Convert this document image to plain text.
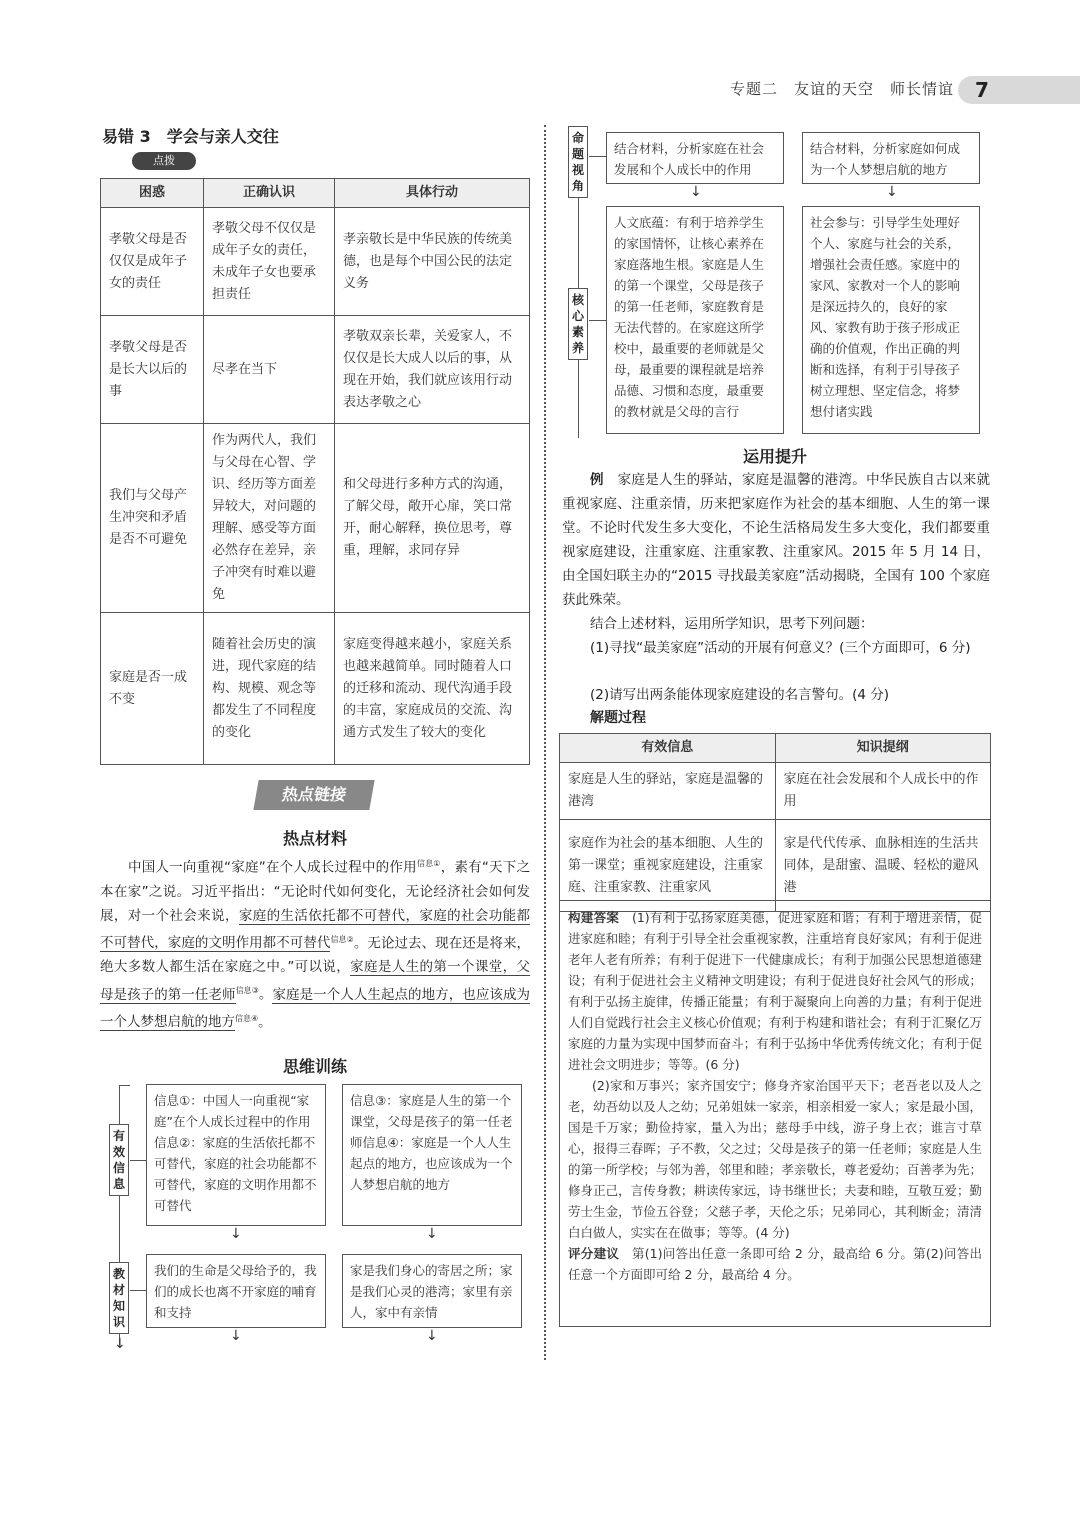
专题二　友谊的天空　师长情谊 7
易错 3　学会与亲人交往
点拨
困惑	正确认识	具体行动
孝敬父母是否仅仅是成年子女的责任	孝敬父母不仅仅是成年子女的责任，未成年子女也要承担责任	孝亲敬长是中华民族的传统美德，也是每个中国公民的法定义务
孝敬父母是否是长大以后的事	尽孝在当下	孝敬双亲长辈，关爱家人，不仅仅是长大成人以后的事，从现在开始，我们就应该用行动表达孝敬之心
我们与父母产生冲突和矛盾是否不可避免	作为两代人，我们与父母在心智、学识、经历等方面差异较大，对问题的理解、感受等方面必然存在差异，亲子冲突有时难以避免	和父母进行多种方式的沟通，了解父母，敞开心扉，笑口常开，耐心解释，换位思考，尊重，理解，求同存异
家庭是否一成不变	随着社会历史的演进，现代家庭的结构、规模、观念等都发生了不同程度的变化	家庭变得越来越小，家庭关系也越来越简单。同时随着人口的迁移和流动、现代沟通手段的丰富，家庭成员的交流、沟通方式发生了较大的变化
热点链接
热点材料
中国人一向重视“家庭”在个人成长过程中的作用$^{信息①}$，素有“天下之本在家”之说。习近平指出：“无论时代如何变化，无论经济社会如何发展，对一个社会来说，家庭的生活依托都不可替代，家庭的社会功能都不可替代，家庭的文明作用都不可替代$^{信息②}$。无论过去、现在还是将来，绝大多数人都生活在家庭之中。”可以说，家庭是人生的第一个课堂，父母是孩子的第一任老师$^{信息③}$。家庭是一个人人生起点的地方，也应该成为一个人梦想启航的地方$^{信息④}$。
思维训练
有效信息
教材知识
↓
信息①：中国人一向重视“家庭”在个人成长过程中的作用信息②：家庭的生活依托都不可替代，家庭的社会功能都不可替代，家庭的文明作用都不可替代
信息③：家庭是人生的第一个课堂，父母是孩子的第一任老师信息④：家庭是一个人人生起点的地方，也应该成为一个人梦想启航的地方
↓	↓
我们的生命是父母给予的，我们的成长也离不开家庭的哺育和支持
家是我们身心的寄居之所；家是我们心灵的港湾；家里有亲人，家中有亲情
↓	↓
命题视角
核心素养
结合材料，分析家庭在社会发展和个人成长中的作用
结合材料，分析家庭如何成为一个人梦想启航的地方
↓	↓
人文底蕴：有利于培养学生的家国情怀，让核心素养在家庭落地生根。家庭是人生的第一个课堂，父母是孩子的第一任老师，家庭教育是无法代替的。在家庭这所学校中，最重要的老师就是父母，最重要的课程就是培养品德、习惯和态度，最重要的教材就是父母的言行
社会参与：引导学生处理好个人、家庭与社会的关系，增强社会责任感。家庭中的家风、家教对一个人的影响是深远持久的，良好的家风、家教有助于孩子形成正确的价值观，作出正确的判断和选择，有利于引导孩子树立理想、坚定信念，将梦想付诸实践
运用提升
例　 家庭是人生的驿站，家庭是温馨的港湾。中华民族自古以来就重视家庭、注重亲情，历来把家庭作为社会的基本细胞、人生的第一课堂。不论时代发生多大变化，不论生活格局发生多大变化，我们都要重视家庭建设，注重家庭、注重家教、注重家风。2015 年 5 月 14 日，由全国妇联主办的“2015 寻找最美家庭”活动揭晓，全国有 100 个家庭获此殊荣。
结合上述材料，运用所学知识，思考下列问题：
(1)寻找“最美家庭”活动的开展有何意义？(三个方面即可，6 分)
(2)请写出两条能体现家庭建设的名言警句。(4 分)
解题过程
有效信息	知识提纲
家庭是人生的驿站，家庭是温馨的港湾	家庭在社会发展和个人成长中的作用
家庭作为社会的基本细胞、人生的第一课堂；重视家庭建设，注重家庭、注重家教、注重家风	家是代代传承、血脉相连的生活共同体，是甜蜜、温暖、轻松的避风港
构建答案　 (1)有利于弘扬家庭美德，促进家庭和谐；有利于增进亲情，促进家庭和睦；有利于引导全社会重视家教，注重培育良好家风；有利于促进老年人老有所养；有利于促进下一代健康成长；有利于加强公民思想道德建设；有利于促进社会主义精神文明建设；有利于促进良好社会风气的形成；有利于弘扬主旋律，传播正能量；有利于凝聚向上向善的力量；有利于促进人们自觉践行社会主义核心价值观；有利于构建和谐社会；有利于汇聚亿万家庭的力量为实现中国梦而奋斗；有利于弘扬中华优秀传统文化；有利于促进社会文明进步；等等。(6 分)
(2)家和万事兴；家齐国安宁；修身齐家治国平天下；老吾老以及人之老，幼吾幼以及人之幼；兄弟姐妹一家亲，相亲相爱一家人；家是最小国，国是千万家；勤俭持家，量入为出；慈母手中线，游子身上衣；谁言寸草心，报得三春晖；子不教，父之过；父母是孩子的第一任老师；家庭是人生的第一所学校；与邻为善，邻里和睦；孝亲敬长，尊老爱幼；百善孝为先；修身正己，言传身教；耕读传家远，诗书继世长；夫妻和睦，互敬互爱；勤劳士生金，节俭五谷登；父慈子孝，天伦之乐；兄弟同心，其利断金；清清白白做人，实实在在做事；等等。(4 分)
评分建议　 第(1)问答出任意一条即可给 2 分，最高给 6 分。第(2)问答出任意一个方面即可给 2 分，最高给 4 分。
